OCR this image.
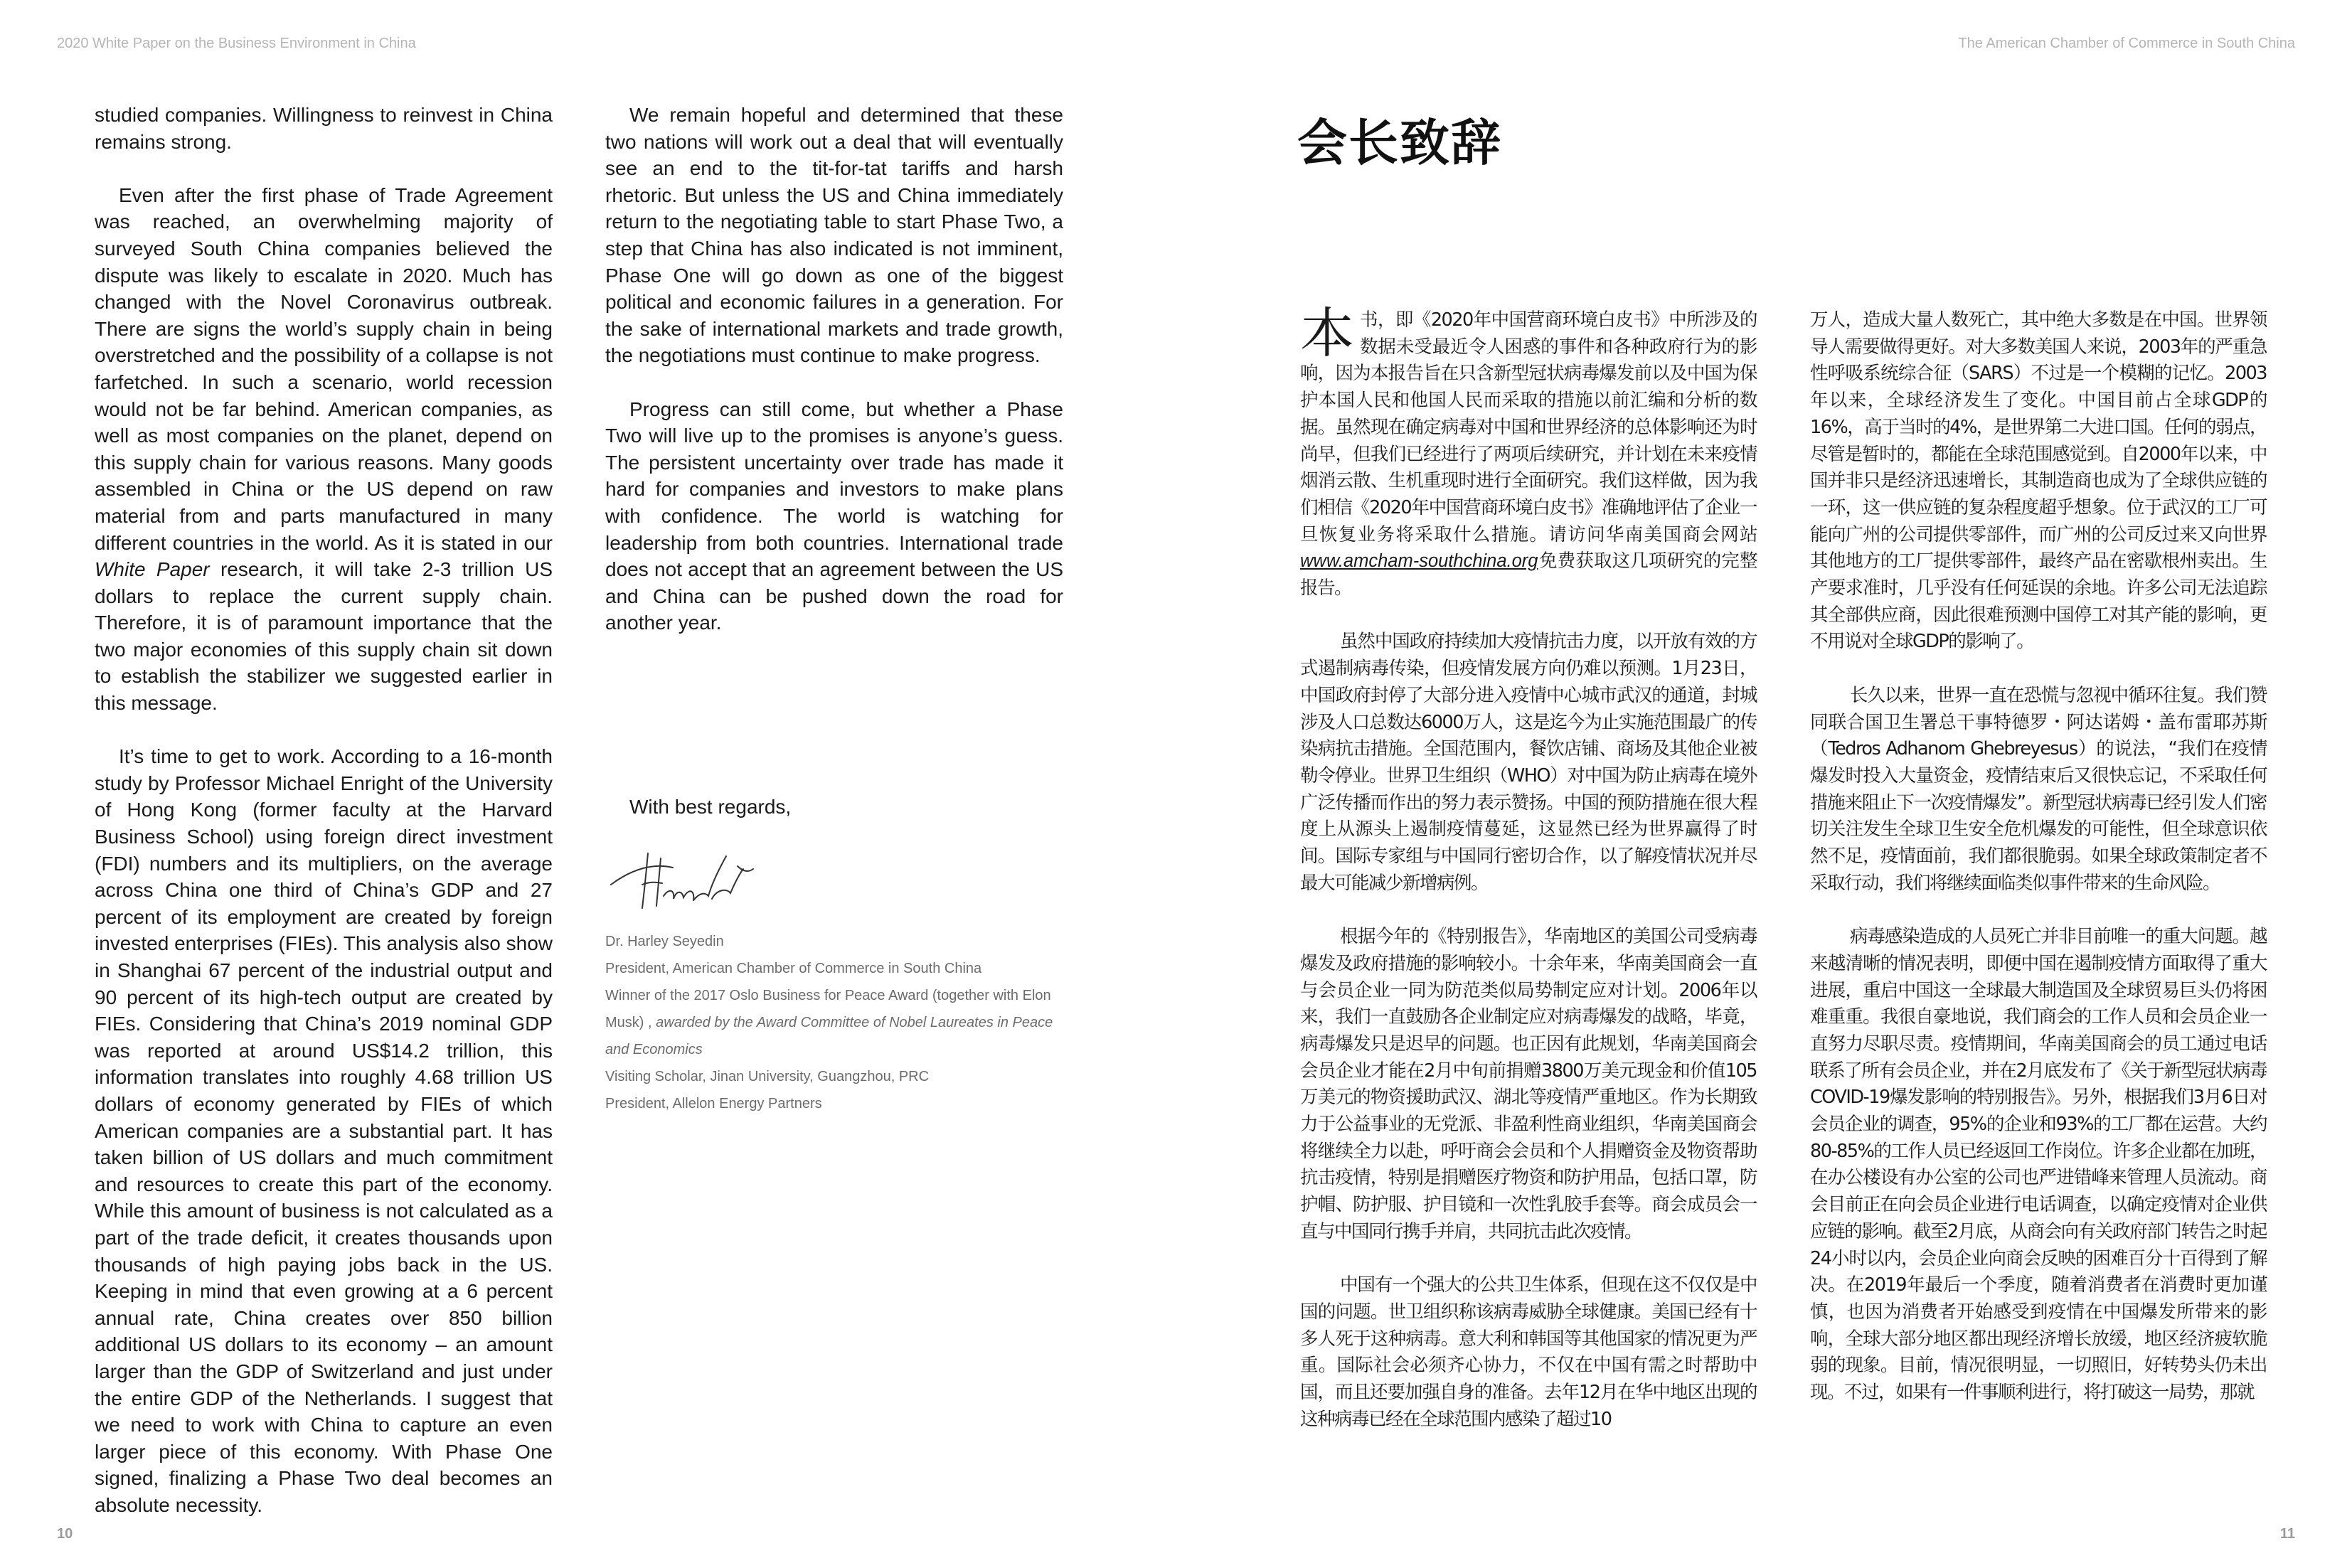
2020 White Paper on the Business Environment in China	The American Chamber of Commerce in South China

studied companies. Willingness to reinvest in China remains strong.

Even after the first phase of Trade Agreement was reached, an overwhelming majority of surveyed South China companies believed the dispute was likely to escalate in 2020. Much has changed with the Novel Coronavirus outbreak. There are signs the world’s supply chain in being overstretched and the possibility of a collapse is not farfetched. In such a scenario, world recession would not be far behind. American companies, as well as most companies on the planet, depend on this supply chain for various reasons. Many goods assembled in China or the US depend on raw material from and parts manufactured in many different countries in the world. As it is stated in our White Paper research, it will take 2-3 trillion US dollars to replace the current supply chain. Therefore, it is of paramount importance that the two major economies of this supply chain sit down to establish the stabilizer we suggested earlier in this message.

It’s time to get to work. According to a 16-month study by Professor Michael Enright of the University of Hong Kong (former faculty at the Harvard Business School) using foreign direct investment (FDI) numbers and its multipliers, on the average across China one third of China’s GDP and 27 percent of its employment are created by foreign invested enterprises (FIEs). This analysis also show in Shanghai 67 percent of the industrial output and 90 percent of its high-tech output are created by FIEs. Considering that China’s 2019 nominal GDP was reported at around US$14.2 trillion, this information translates into roughly 4.68 trillion US dollars of economy generated by FIEs of which American companies are a substantial part. It has taken billion of US dollars and much commitment and resources to create this part of the economy. While this amount of business is not calculated as a part of the trade deficit, it creates thousands upon thousands of high paying jobs back in the US. Keeping in mind that even growing at a 6 percent annual rate, China creates over 850 billion additional US dollars to its economy – an amount larger than the GDP of Switzerland and just under the entire GDP of the Netherlands. I suggest that we need to work with China to capture an even larger piece of this economy. With Phase One signed, finalizing a Phase Two deal becomes an absolute necessity.

We remain hopeful and determined that these two nations will work out a deal that will eventually see an end to the tit-for-tat tariffs and harsh rhetoric. But unless the US and China immediately return to the negotiating table to start Phase Two, a step that China has also indicated is not imminent, Phase One will go down as one of the biggest political and economic failures in a generation. For the sake of international markets and trade growth, the negotiations must continue to make progress.

Progress can still come, but whether a Phase Two will live up to the promises is anyone’s guess. The persistent uncertainty over trade has made it hard for companies and investors to make plans with confidence. The world is watching for leadership from both countries. International trade does not accept that an agreement between the US and China can be pushed down the road for another year.

With best regards,

Dr. Harley Seyedin
President, American Chamber of Commerce in South China
Winner of the 2017 Oslo Business for Peace Award (together with Elon Musk) , awarded by the Award Committee of Nobel Laureates in Peace and Economics
Visiting Scholar, Jinan University, Guangzhou, PRC
President, Allelon Energy Partners
会长致辞

本书，即《2020年中国营商环境白皮书》中所涉及的数据未受最近令人困惑的事件和各种政府行为的影响，因为本报告旨在只含新型冠状病毒爆发前以及中国为保护本国人民和他国人民而采取的措施以前汇编和分析的数据。虽然现在确定病毒对中国和世界经济的总体影响还为时尚早，但我们已经进行了两项后续研究，并计划在未来疫情烟消云散、生机重现时进行全面研究。我们这样做，因为我们相信《2020年中国营商环境白皮书》准确地评估了企业一旦恢复业务将采取什么措施。请访问华南美国商会网站www.amcham-southchina.org免费获取这几项研究的完整报告。

虽然中国政府持续加大疫情抗击力度，以开放有效的方式遏制病毒传染，但疫情发展方向仍难以预测。1月23日，中国政府封停了大部分进入疫情中心城市武汉的通道，封城涉及人口总数达6000万人，这是迄今为止实施范围最广的传染病抗击措施。全国范围内，餐饮店铺、商场及其他企业被勒令停业。世界卫生组织（WHO）对中国为防止病毒在境外广泛传播而作出的努力表示赞扬。中国的预防措施在很大程度上从源头上遏制疫情蔓延，这显然已经为世界赢得了时间。国际专家组与中国同行密切合作，以了解疫情状况并尽最大可能减少新增病例。

根据今年的《特别报告》，华南地区的美国公司受病毒爆发及政府措施的影响较小。十余年来，华南美国商会一直与会员企业一同为防范类似局势制定应对计划。2006年以来，我们一直鼓励各企业制定应对病毒爆发的战略，毕竟，病毒爆发只是迟早的问题。也正因有此规划，华南美国商会会员企业才能在2月中旬前捐赠3800万美元现金和价值105万美元的物资援助武汉、湖北等疫情严重地区。作为长期致力于公益事业的无党派、非盈利性商业组织，华南美国商会将继续全力以赴，呼吁商会会员和个人捐赠资金及物资帮助抗击疫情，特别是捐赠医疗物资和防护用品，包括口罩，防护帽、防护服、护目镜和一次性乳胶手套等。商会成员会一直与中国同行携手并肩，共同抗击此次疫情。

中国有一个强大的公共卫生体系，但现在这不仅仅是中国的问题。世卫组织称该病毒威胁全球健康。美国已经有十多人死于这种病毒。意大利和韩国等其他国家的情况更为严重。国际社会必须齐心协力，不仅在中国有需之时帮助中国，而且还要加强自身的准备。去年12月在华中地区出现的这种病毒已经在全球范围内感染了超过10

万人，造成大量人数死亡，其中绝大多数是在中国。世界领导人需要做得更好。对大多数美国人来说，2003年的严重急性呼吸系统综合征（SARS）不过是一个模糊的记忆。2003年以来，全球经济发生了变化。中国目前占全球GDP的16%，高于当时的4%，是世界第二大进口国。任何的弱点，尽管是暂时的，都能在全球范围感觉到。自2000年以来，中国并非只是经济迅速增长，其制造商也成为了全球供应链的一环，这一供应链的复杂程度超乎想象。位于武汉的工厂可能向广州的公司提供零部件，而广州的公司反过来又向世界其他地方的工厂提供零部件，最终产品在密歇根州卖出。生产要求准时，几乎没有任何延误的余地。许多公司无法追踪其全部供应商，因此很难预测中国停工对其产能的影响，更不用说对全球GDP的影响了。

长久以来，世界一直在恐慌与忽视中循环往复。我们赞同联合国卫生署总干事特德罗・阿达诺姆・盖布雷耶苏斯（Tedros Adhanom Ghebreyesus）的说法，“我们在疫情爆发时投入大量资金，疫情结束后又很快忘记，不采取任何措施来阻止下一次疫情爆发”。新型冠状病毒已经引发人们密切关注发生全球卫生安全危机爆发的可能性，但全球意识依然不足，疫情面前，我们都很脆弱。如果全球政策制定者不采取行动，我们将继续面临类似事件带来的生命风险。

病毒感染造成的人员死亡并非目前唯一的重大问题。越来越清晰的情况表明，即便中国在遏制疫情方面取得了重大进展，重启中国这一全球最大制造国及全球贸易巨头仍将困难重重。我很自豪地说，我们商会的工作人员和会员企业一直努力尽职尽责。疫情期间，华南美国商会的员工通过电话联系了所有会员企业，并在2月底发布了《关于新型冠状病毒COVID-19爆发影响的特别报告》。另外，根据我们3月6日对会员企业的调查，95%的企业和93%的工厂都在运营。大约80-85%的工作人员已经返回工作岗位。许多企业都在加班，在办公楼设有办公室的公司也严进错峰来管理人员流动。商会目前正在向会员企业进行电话调查，以确定疫情对企业供应链的影响。截至2月底，从商会向有关政府部门转告之时起24小时以内，会员企业向商会反映的困难百分十百得到了解决。在2019年最后一个季度，随着消费者在消费时更加谨慎，也因为消费者开始感受到疫情在中国爆发所带来的影响，全球大部分地区都出现经济增长放缓，地区经济疲软脆弱的现象。目前，情况很明显，一切照旧，好转势头仍未出现。不过，如果有一件事顺利进行，将打破这一局势，那就

10	11
